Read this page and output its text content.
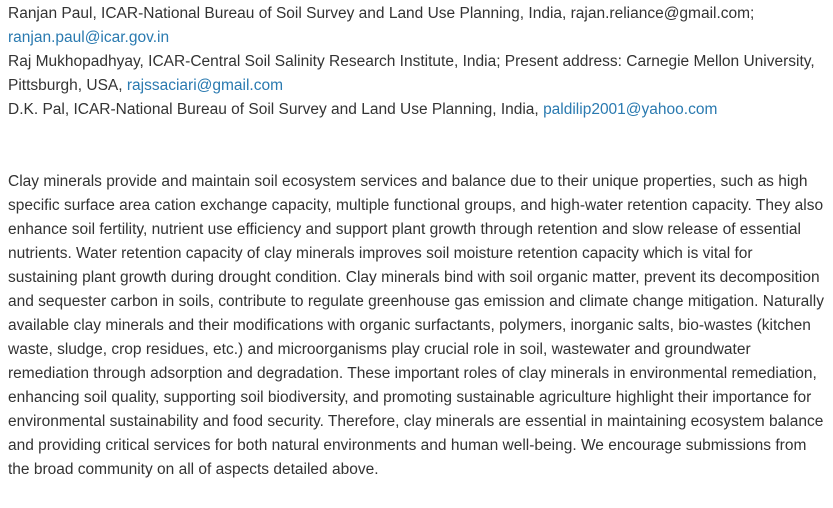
Ranjan Paul, ICAR-National Bureau of Soil Survey and Land Use Planning, India, rajan.reliance@gmail.com;
ranjan.paul@icar.gov.in
Raj Mukhopadhyay, ICAR-Central Soil Salinity Research Institute, India; Present address: Carnegie Mellon University, Pittsburgh, USA, rajssaciari@gmail.com
D.K. Pal, ICAR-National Bureau of Soil Survey and Land Use Planning, India, paldilip2001@yahoo.com

Clay minerals provide and maintain soil ecosystem services and balance due to their unique properties, such as high specific surface area cation exchange capacity, multiple functional groups, and high-water retention capacity. They also enhance soil fertility, nutrient use efficiency and support plant growth through retention and slow release of essential nutrients. Water retention capacity of clay minerals improves soil moisture retention capacity which is vital for sustaining plant growth during drought condition. Clay minerals bind with soil organic matter, prevent its decomposition and sequester carbon in soils, contribute to regulate greenhouse gas emission and climate change mitigation. Naturally available clay minerals and their modifications with organic surfactants, polymers, inorganic salts, bio-wastes (kitchen waste, sludge, crop residues, etc.) and microorganisms play crucial role in soil, wastewater and groundwater remediation through adsorption and degradation. These important roles of clay minerals in environmental remediation, enhancing soil quality, supporting soil biodiversity, and promoting sustainable agriculture highlight their importance for environmental sustainability and food security. Therefore, clay minerals are essential in maintaining ecosystem balance and providing critical services for both natural environments and human well-being. We encourage submissions from the broad community on all of aspects detailed above.
